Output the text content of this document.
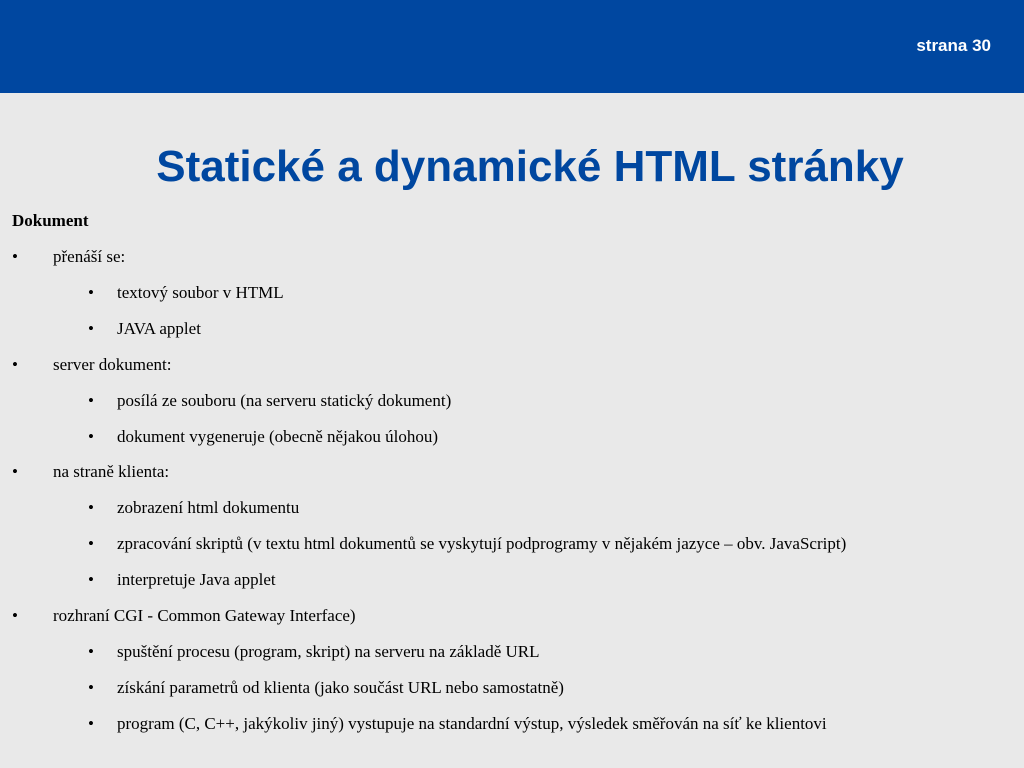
strana 30
Statické a dynamické HTML stránky
Dokument
• přenáší se:
• textový soubor v HTML
• JAVA applet
• server dokument:
• posílá ze souboru (na serveru statický dokument)
• dokument vygeneruje (obecně nějakou úlohou)
• na straně klienta:
• zobrazení html dokumentu
• zpracování skriptů (v textu html dokumentů se vyskytují podprogramy v nějakém jazyce – obv. JavaScript)
• interpretuje Java applet
• rozhraní CGI - Common Gateway Interface)
• spuštění procesu (program, skript) na serveru na základě URL
• získání parametrů od klienta (jako součást URL nebo samostatně)
• program (C, C++, jakýkoliv jiný) vystupuje na standardní výstup, výsledek směřován na síť ke klientovi
